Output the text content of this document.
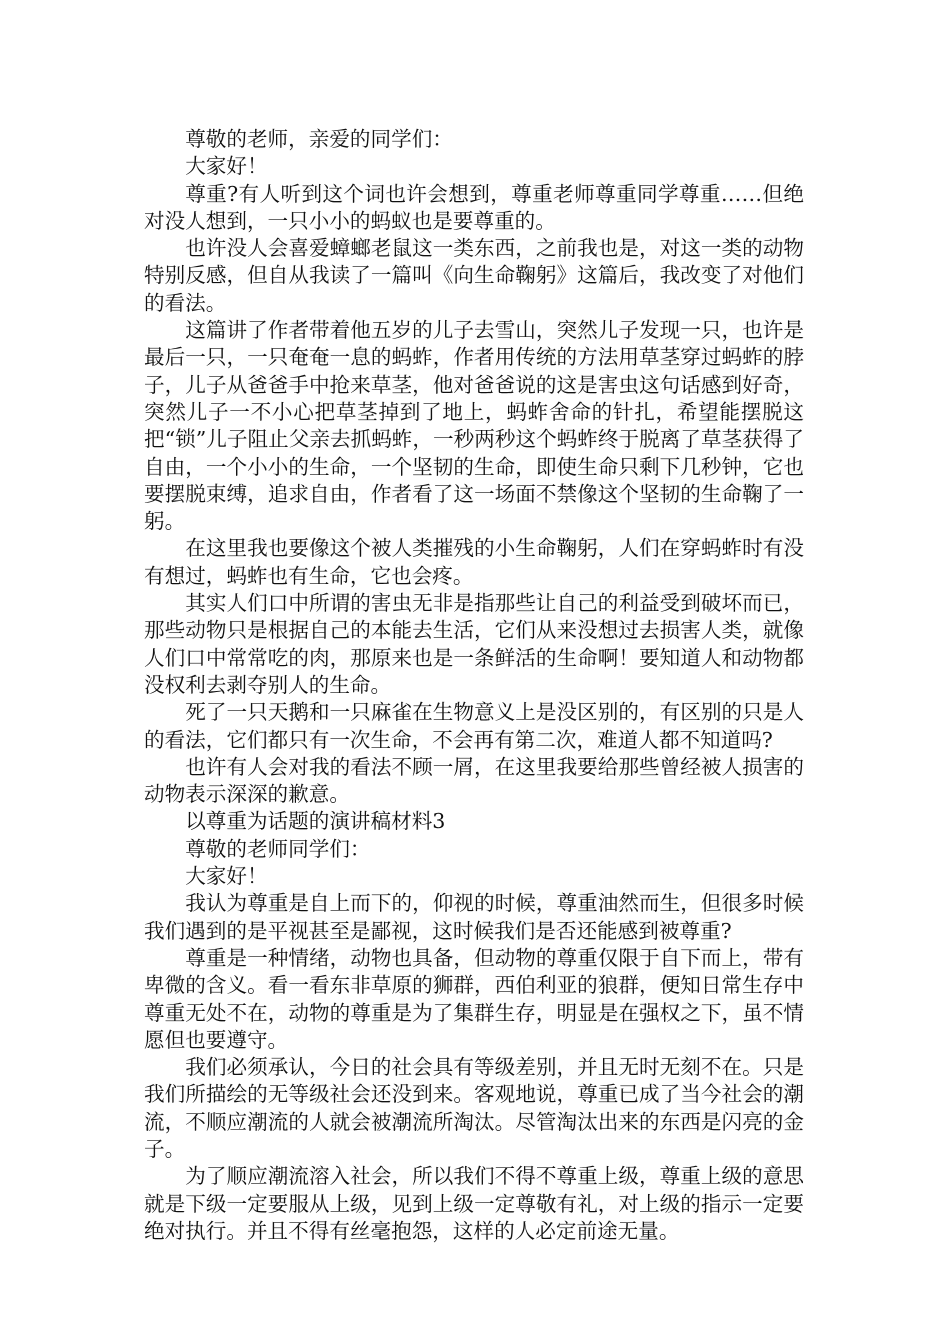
尊敬的老师，亲爱的同学们：

大家好！

尊重?有人听到这个词也许会想到，尊重老师尊重同学尊重……但绝对没人想到，一只小小的蚂蚁也是要尊重的。

也许没人会喜爱蟑螂老鼠这一类东西，之前我也是，对这一类的动物特别反感，但自从我读了一篇叫《向生命鞠躬》这篇后，我改变了对他们的看法。

这篇讲了作者带着他五岁的儿子去雪山，突然儿子发现一只，也许是最后一只，一只奄奄一息的蚂蚱，作者用传统的方法用草茎穿过蚂蚱的脖子，儿子从爸爸手中抢来草茎，他对爸爸说的这是害虫这句话感到好奇，突然儿子一不小心把草茎掉到了地上，蚂蚱舍命的针扎，希望能摆脱这把“锁”儿子阻止父亲去抓蚂蚱，一秒两秒这个蚂蚱终于脱离了草茎获得了自由，一个小小的生命，一个坚韧的生命，即使生命只剩下几秒钟，它也要摆脱束缚，追求自由，作者看了这一场面不禁像这个坚韧的生命鞠了一躬。

在这里我也要像这个被人类摧残的小生命鞠躬，人们在穿蚂蚱时有没有想过，蚂蚱也有生命，它也会疼。

其实人们口中所谓的害虫无非是指那些让自己的利益受到破坏而已，那些动物只是根据自己的本能去生活，它们从来没想过去损害人类，就像人们口中常常吃的肉，那原来也是一条鲜活的生命啊！要知道人和动物都没权利去剥夺别人的生命。

死了一只天鹅和一只麻雀在生物意义上是没区别的，有区别的只是人的看法，它们都只有一次生命，不会再有第二次，难道人都不知道吗?

也许有人会对我的看法不顾一屑，在这里我要给那些曾经被人损害的动物表示深深的歉意。

以尊重为话题的演讲稿材料3

尊敬的老师同学们：

大家好！

我认为尊重是自上而下的，仰视的时候，尊重油然而生，但很多时候我们遇到的是平视甚至是鄙视，这时候我们是否还能感到被尊重?

尊重是一种情绪，动物也具备，但动物的尊重仅限于自下而上，带有卑微的含义。看一看东非草原的狮群，西伯利亚的狼群，便知日常生存中尊重无处不在，动物的尊重是为了集群生存，明显是在强权之下，虽不情愿但也要遵守。

我们必须承认，今日的社会具有等级差别，并且无时无刻不在。只是我们所描绘的无等级社会还没到来。客观地说，尊重已成了当今社会的潮流，不顺应潮流的人就会被潮流所淘汰。尽管淘汰出来的东西是闪亮的金子。

为了顺应潮流溶入社会，所以我们不得不尊重上级，尊重上级的意思就是下级一定要服从上级，见到上级一定尊敬有礼，对上级的指示一定要绝对执行。并且不得有丝毫抱怨，这样的人必定前途无量。
